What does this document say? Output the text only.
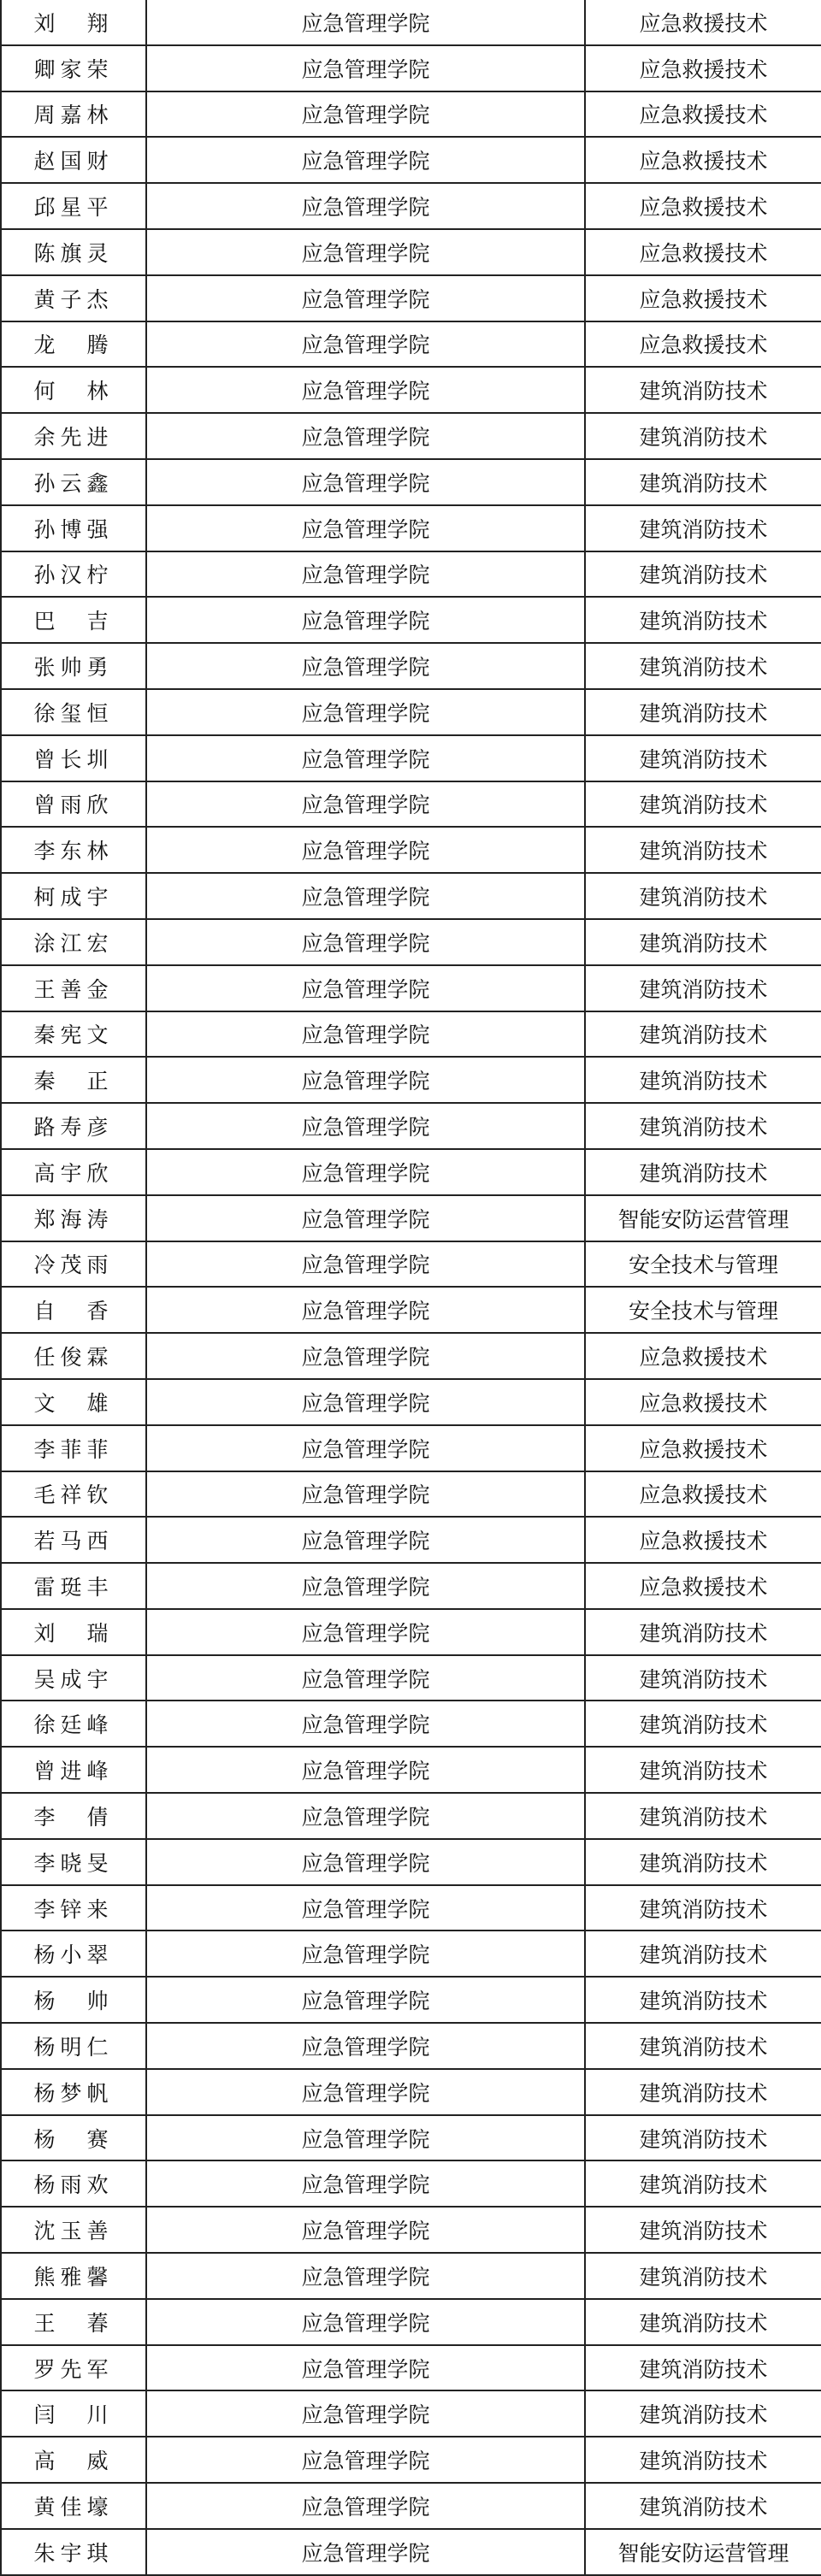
刘　翔	应急管理学院	应急救援技术
卿家荣	应急管理学院	应急救援技术
周嘉林	应急管理学院	应急救援技术
赵国财	应急管理学院	应急救援技术
邱星平	应急管理学院	应急救援技术
陈旗灵	应急管理学院	应急救援技术
黄子杰	应急管理学院	应急救援技术
龙　腾	应急管理学院	应急救援技术
何　林	应急管理学院	建筑消防技术
余先进	应急管理学院	建筑消防技术
孙云鑫	应急管理学院	建筑消防技术
孙博强	应急管理学院	建筑消防技术
孙汉柠	应急管理学院	建筑消防技术
巴　吉	应急管理学院	建筑消防技术
张帅勇	应急管理学院	建筑消防技术
徐玺恒	应急管理学院	建筑消防技术
曾长圳	应急管理学院	建筑消防技术
曾雨欣	应急管理学院	建筑消防技术
李东林	应急管理学院	建筑消防技术
柯成宇	应急管理学院	建筑消防技术
涂江宏	应急管理学院	建筑消防技术
王善金	应急管理学院	建筑消防技术
秦宪文	应急管理学院	建筑消防技术
秦　正	应急管理学院	建筑消防技术
路寿彦	应急管理学院	建筑消防技术
高宇欣	应急管理学院	建筑消防技术
郑海涛	应急管理学院	智能安防运营管理
冷茂雨	应急管理学院	安全技术与管理
自　香	应急管理学院	安全技术与管理
任俊霖	应急管理学院	应急救援技术
文　雄	应急管理学院	应急救援技术
李菲菲	应急管理学院	应急救援技术
毛祥钦	应急管理学院	应急救援技术
若马西	应急管理学院	应急救援技术
雷珽丰	应急管理学院	应急救援技术
刘　瑞	应急管理学院	建筑消防技术
吴成宇	应急管理学院	建筑消防技术
徐廷峰	应急管理学院	建筑消防技术
曾进峰	应急管理学院	建筑消防技术
李　倩	应急管理学院	建筑消防技术
李晓旻	应急管理学院	建筑消防技术
李锌来	应急管理学院	建筑消防技术
杨小翠	应急管理学院	建筑消防技术
杨　帅	应急管理学院	建筑消防技术
杨明仁	应急管理学院	建筑消防技术
杨梦帆	应急管理学院	建筑消防技术
杨　赛	应急管理学院	建筑消防技术
杨雨欢	应急管理学院	建筑消防技术
沈玉善	应急管理学院	建筑消防技术
熊雅馨	应急管理学院	建筑消防技术
王　萶	应急管理学院	建筑消防技术
罗先军	应急管理学院	建筑消防技术
闫　川	应急管理学院	建筑消防技术
高　威	应急管理学院	建筑消防技术
黄佳壕	应急管理学院	建筑消防技术
朱宇琪	应急管理学院	智能安防运营管理
